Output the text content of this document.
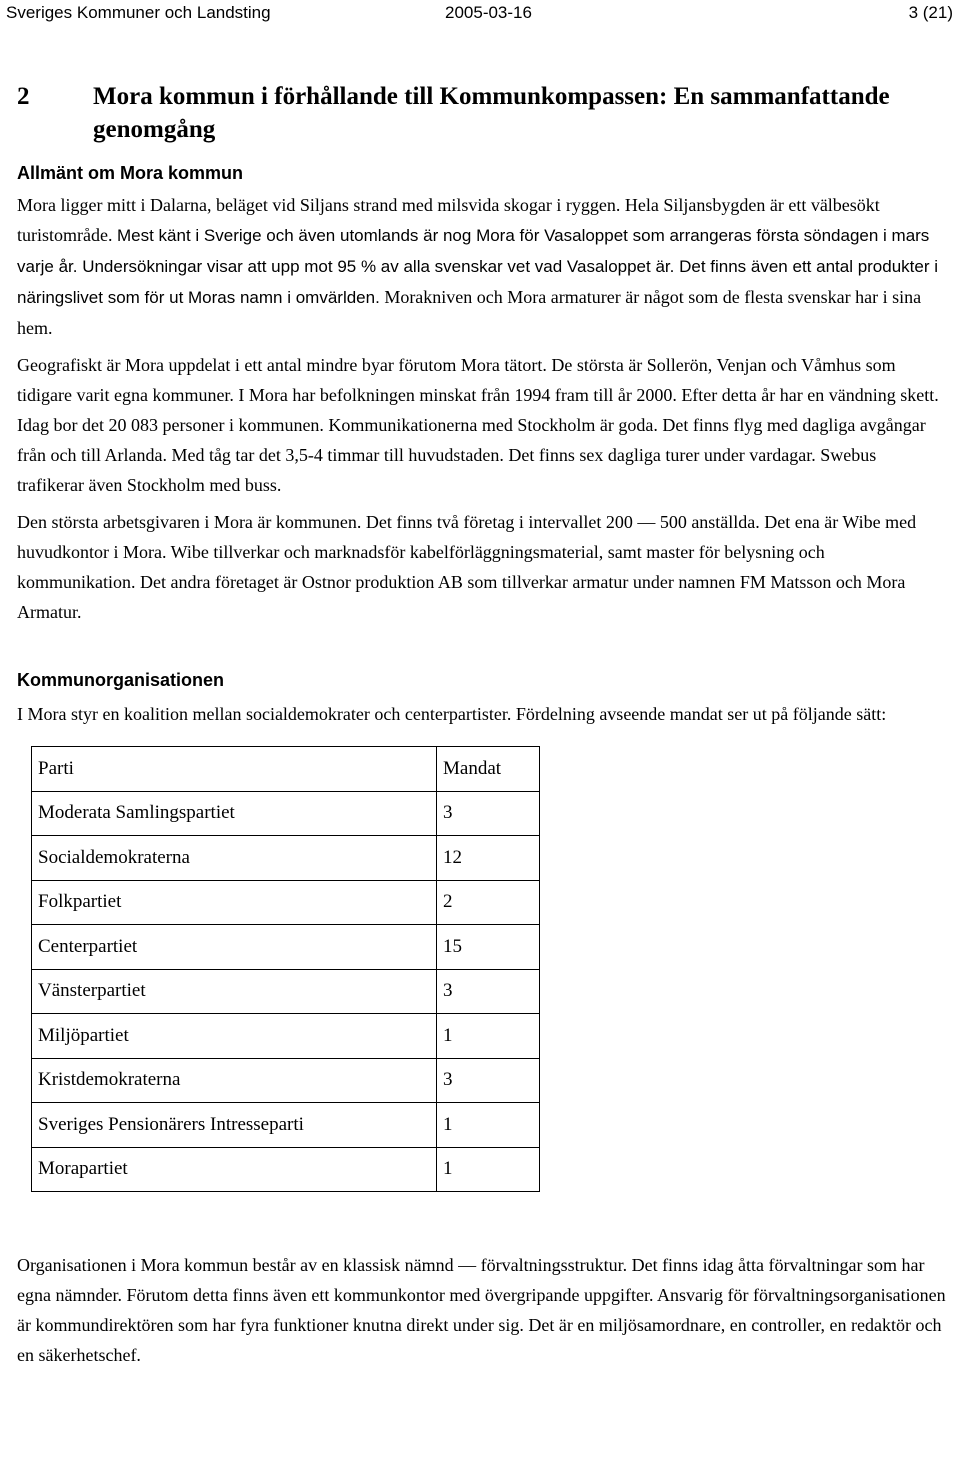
Sveriges Kommuner och Landsting	2005-03-16	3 (21)
2	Mora kommun i förhållande till Kommunkompassen: En sammanfattande genomgång
Allmänt om Mora kommun

Mora ligger mitt i Dalarna, beläget vid Siljans strand med milsvida skogar i ryggen. Hela Siljansbygden är ett välbesökt turistområde. Mest känt i Sverige och även utomlands är nog Mora för Vasaloppet som arrangeras första söndagen i mars varje år. Undersökningar visar att upp mot 95 % av alla svenskar vet vad Vasaloppet är. Det finns även ett antal produkter i näringslivet som för ut Moras namn i omvärlden. Morakniven och Mora armaturer är något som de flesta svenskar har i sina hem.

Geografiskt är Mora uppdelat i ett antal mindre byar förutom Mora tätort. De största är Sollerön, Venjan och Våmhus som tidigare varit egna kommuner. I Mora har befolkningen minskat från 1994 fram till år 2000. Efter detta år har en vändning skett. Idag bor det 20 083 personer i kommunen. Kommunikationerna med Stockholm är goda. Det finns flyg med dagliga avgångar från och till Arlanda. Med tåg tar det 3,5-4 timmar till huvudstaden. Det finns sex dagliga turer under vardagar. Swebus trafikerar även Stockholm med buss.

Den största arbetsgivaren i Mora är kommunen. Det finns två företag i intervallet 200 — 500 anställda. Det ena är Wibe med huvudkontor i Mora. Wibe tillverkar och marknadsför kabelförläggningsmaterial, samt master för belysning och kommunikation. Det andra företaget är Ostnor produktion AB som tillverkar armatur under namnen FM Matsson och Mora Armatur.

Kommunorganisationen

I Mora styr en koalition mellan socialdemokrater och centerpartister. Fördelning avseende mandat ser ut på följande sätt:

Parti	Mandat
Moderata Samlingspartiet	3
Socialdemokraterna	12
Folkpartiet	2
Centerpartiet	15
Vänsterpartiet	3
Miljöpartiet	1
Kristdemokraterna	3
Sveriges Pensionärers Intresseparti	1
Morapartiet	1

Organisationen i Mora kommun består av en klassisk nämnd — förvaltningsstruktur. Det finns idag åtta förvaltningar som har egna nämnder. Förutom detta finns även ett kommunkontor med övergripande uppgifter. Ansvarig för förvaltningsorganisationen är kommundirektören som har fyra funktioner knutna direkt under sig. Det är en miljösamordnare, en controller, en redaktör och en säkerhetschef.
